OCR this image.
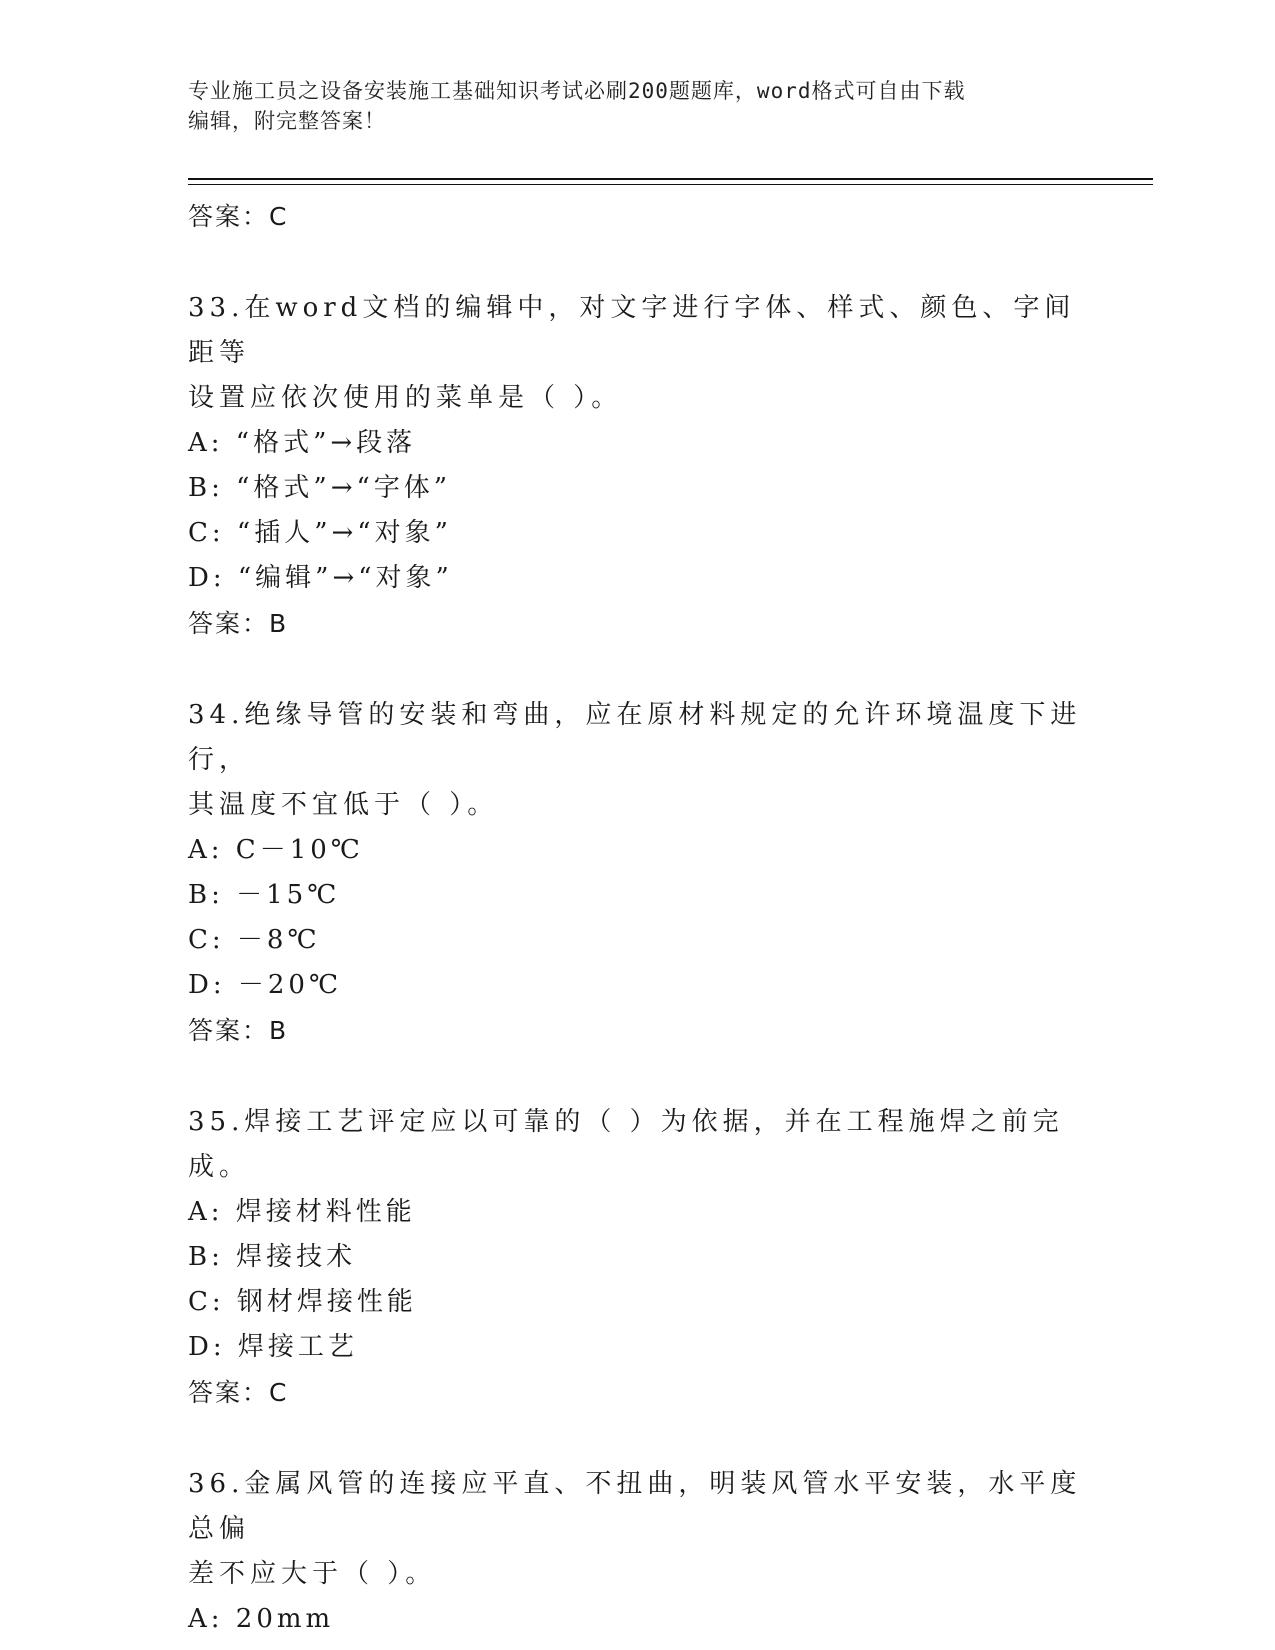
专业施工员之设备安装施工基础知识考试必刷200题题库，word格式可自由下载
编辑，附完整答案！
答案：C
33.在word文档的编辑中，对文字进行字体、样式、颜色、字间距等
设置应依次使用的菜单是（ ）。
A: “格式”→段落
B: “格式”→“字体”
C: “插人”→“对象”
D: “编辑”→“对象”
答案：B
34.绝缘导管的安装和弯曲，应在原材料规定的允许环境温度下进行，
其温度不宜低于（ ）。
A: C－10℃
B: －15℃
C: －8℃
D: －20℃
答案：B
35.焊接工艺评定应以可靠的（ ）为依据，并在工程施焊之前完成。
A: 焊接材料性能
B: 焊接技术
C: 钢材焊接性能
D: 焊接工艺
答案：C
36.金属风管的连接应平直、不扭曲，明装风管水平安装，水平度总偏
差不应大于（ ）。
A: 20mm
